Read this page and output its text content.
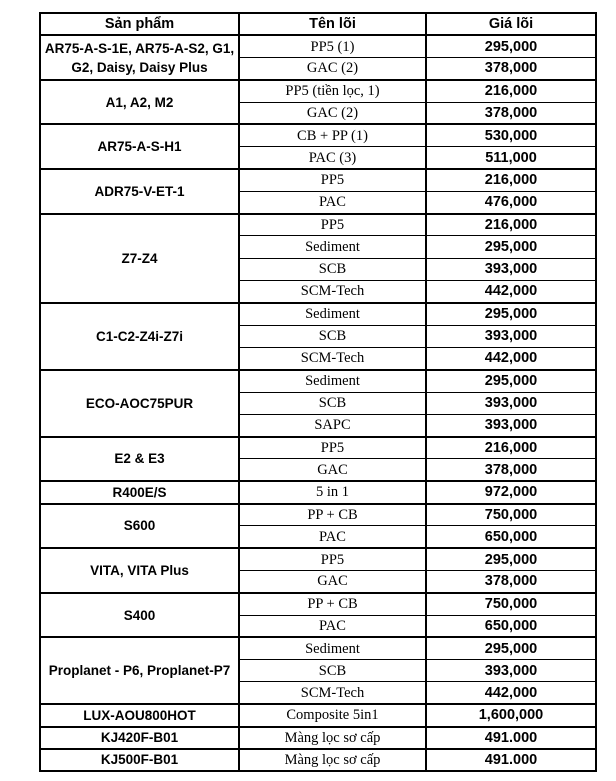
Sản phẩm	Tên lõi	Giá lõi
AR75-A-S-1E, AR75-A-S2, G1, G2, Daisy, Daisy Plus	PP5 (1)	295,000
	GAC (2)	378,000
A1, A2, M2	PP5 (tiền lọc, 1)	216,000
	GAC (2)	378,000
AR75-A-S-H1	CB + PP (1)	530,000
	PAC (3)	511,000
ADR75-V-ET-1	PP5	216,000
	PAC	476,000
Z7-Z4	PP5	216,000
	Sediment	295,000
	SCB	393,000
	SCM-Tech	442,000
C1-C2-Z4i-Z7i	Sediment	295,000
	SCB	393,000
	SCM-Tech	442,000
ECO-AOC75PUR	Sediment	295,000
	SCB	393,000
	SAPC	393,000
E2 & E3	PP5	216,000
	GAC	378,000
R400E/S	5 in 1	972,000
S600	PP + CB	750,000
	PAC	650,000
VITA, VITA Plus	PP5	295,000
	GAC	378,000
S400	PP + CB	750,000
	PAC	650,000
Proplanet - P6, Proplanet-P7	Sediment	295,000
	SCB	393,000
	SCM-Tech	442,000
LUX-AOU800HOT	Composite 5in1	1,600,000
KJ420F-B01	Màng lọc sơ cấp	491.000
KJ500F-B01	Màng lọc sơ cấp	491.000
